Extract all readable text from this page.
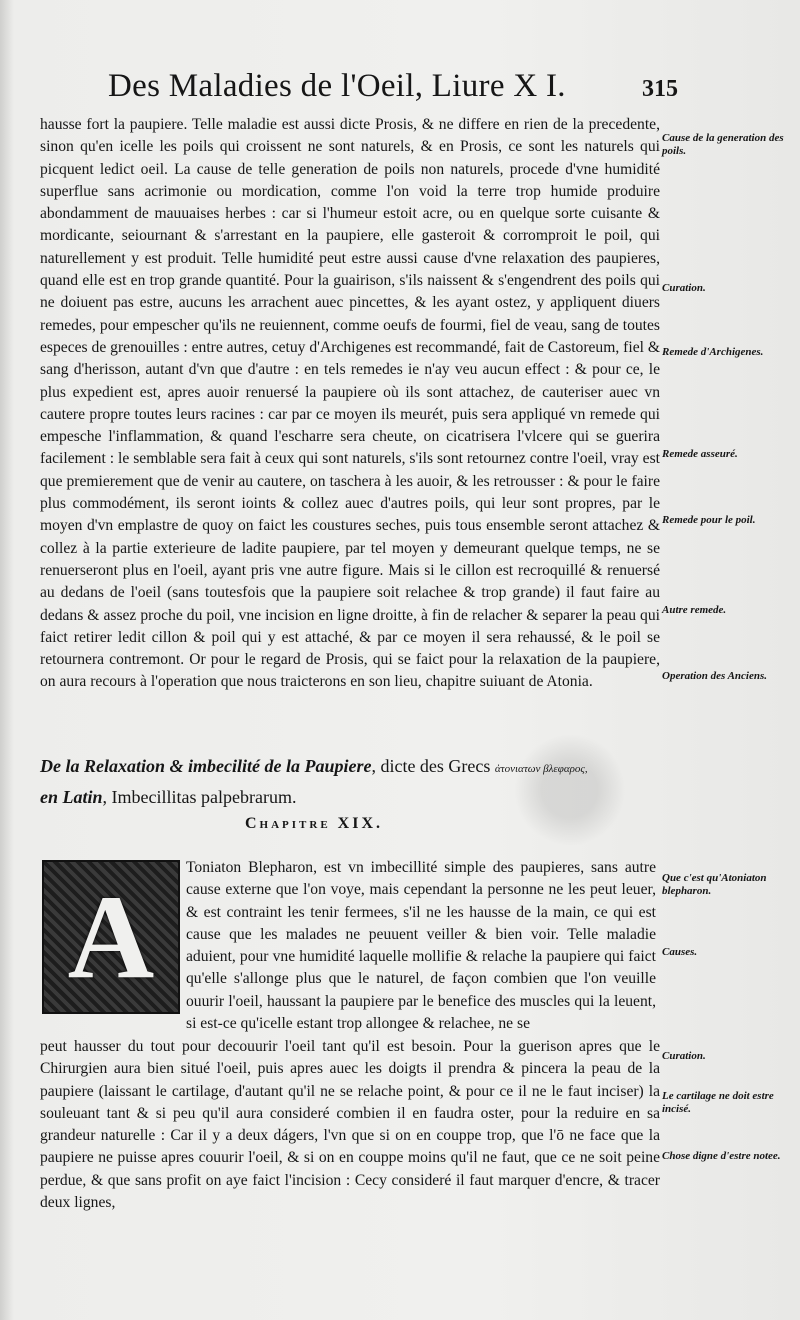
Des Maladies de l'Oeil, Liure X I.	315

hausse fort la paupiere. Telle maladie est aussi dicte Prosis, & ne differe en rien de la precedente, sinon qu'en icelle les poils qui croissent ne sont naturels, & en Prosis, ce sont les naturels qui picquent ledict oeil. La cause de telle generation de poils non naturels, procede d'vne humidité superflue sans acrimonie ou mordication, comme l'on void la terre trop humide produire abondamment de mauuaises herbes : car si l'humeur estoit acre, ou en quelque sorte cuisante & mordicante, seiournant & s'arrestant en la paupiere, elle gasteroit & corromproit le poil, qui naturellement y est produit. Telle humidité peut estre aussi cause d'vne relaxation des paupieres, quand elle est en trop grande quantité. Pour la guairison, s'ils naissent & s'engendrent des poils qui ne doiuent pas estre, aucuns les arrachent auec pincettes, & les ayant ostez, y appliquent diuers remedes, pour empescher qu'ils ne reuiennent, comme oeufs de fourmi, fiel de veau, sang de toutes especes de grenouilles : entre autres, cetuy d'Archigenes est recommandé, fait de Castoreum, fiel & sang d'herisson, autant d'vn que d'autre : en tels remedes ie n'ay veu aucun effect : & pour ce, le plus expedient est, apres auoir renuersé la paupiere où ils sont attachez, de cauteriser auec vn cautere propre toutes leurs racines : car par ce moyen ils meurét, puis sera appliqué vn remede qui empesche l'inflammation, & quand l'escharre sera cheute, on cicatrisera l'vlcere qui se guerira facilement : le semblable sera fait à ceux qui sont naturels, s'ils sont retournez contre l'oeil, vray est que premierement que de venir au cautere, on taschera à les auoir, & les retrousser : & pour le faire plus commodément, ils seront ioints & collez auec d'autres poils, qui leur sont propres, par le moyen d'vn emplastre de quoy on faict les coustures seches, puis tous ensemble seront attachez & collez à la partie exterieure de ladite paupiere, par tel moyen y demeurant quelque temps, ne se renuerseront plus en l'oeil, ayant pris vne autre figure. Mais si le cillon est recroquillé & renuersé au dedans de l'oeil (sans toutesfois que la paupiere soit relachee & trop grande) il faut faire au dedans & assez proche du poil, vne incision en ligne droitte, à fin de relacher & separer la peau qui faict retirer ledit cillon & poil qui y est attaché, & par ce moyen il sera rehaussé, & le poil se retournera contremont. Or pour le regard de Prosis, qui se faict pour la relaxation de la paupiere, on aura recours à l'operation que nous traicterons en son lieu, chapitre suiuant de Atonia.

De la Relaxation & imbecilité de la Paupiere, dicte des Grecs ἀτονιατων βλεφαρος,
en Latin, Imbecillitas palpebrarum.
Chapitre XIX.
A

Toniaton Blepharon, est vn imbecillité simple des paupieres, sans autre cause externe que l'on voye, mais cependant la personne ne les peut leuer, & est contraint les tenir fermees, s'il ne les hausse de la main, ce qui est cause que les malades ne peuuent veiller & bien voir. Telle maladie aduient, pour vne humidité laquelle mollifie & relache la paupiere qui faict qu'elle s'allonge plus que le naturel, de façon combien que l'on veuille ouurir l'oeil, haussant la paupiere par le benefice des muscles qui la leuent, si est-ce qu'icelle estant trop allongee & relachee, ne se

peut hausser du tout pour decouurir l'oeil tant qu'il est besoin. Pour la guerison apres que le Chirurgien aura bien situé l'oeil, puis apres auec les doigts il prendra & pincera la peau de la paupiere (laissant le cartilage, d'autant qu'il ne se relache point, & pour ce il ne le faut inciser) la souleuant tant & si peu qu'il aura consideré combien il en faudra oster, pour la reduire en sa grandeur naturelle : Car il y a deux dágers, l'vn que si on en couppe trop, que l'ō ne face que la paupiere ne puisse apres couurir l'oeil, & si on en couppe moins qu'il ne faut, que ce ne soit peine perdue, & que sans profit on aye faict l'incision : Cecy consideré il faut marquer d'encre, & tracer deux lignes,

Cause de la generation des poils.
Curation.
Remede d'Archigenes.
Remede asseuré.
Remede pour le poil.
Autre remede.
Operation des Anciens.
Que c'est qu'Atoniaton blepharon.
Causes.
Curation.
Le cartilage ne doit estre incisé.
Chose digne d'estre notee.
